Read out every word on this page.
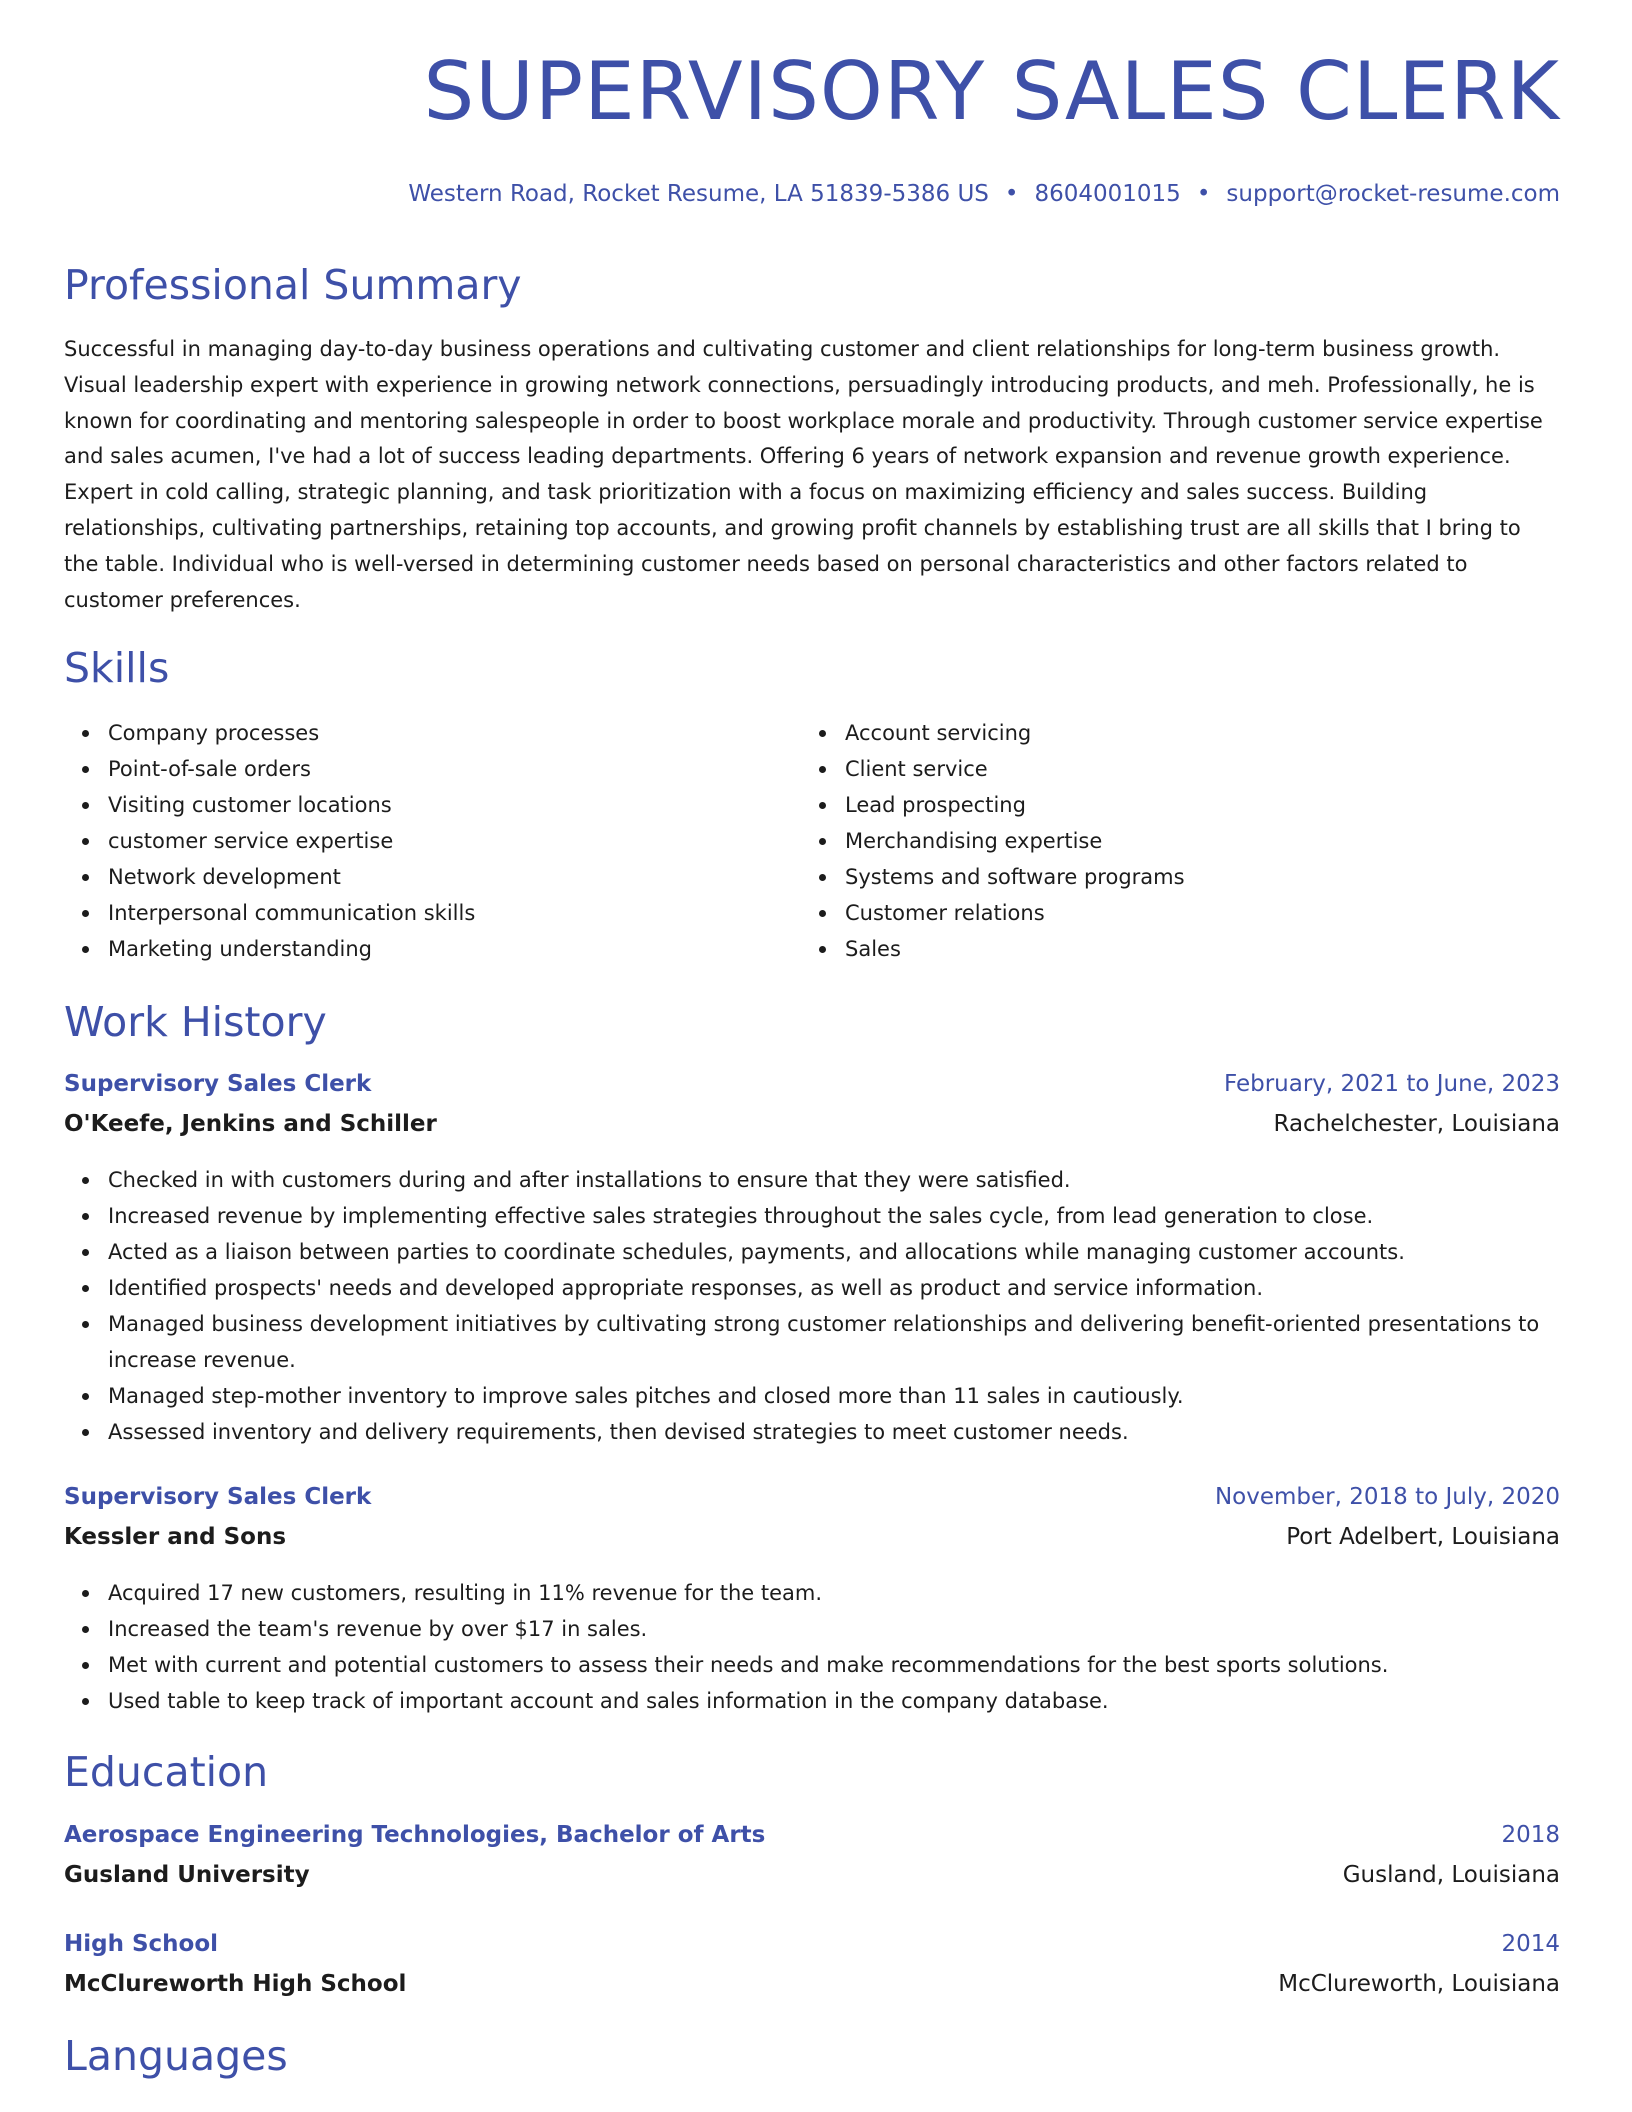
SUPERVISORY SALES CLERK
Western Road, Rocket Resume, LA 51839-5386 US • 8604001015 • support@rocket-resume.com
Professional Summary

Successful in managing day-to-day business operations and cultivating customer and client relationships for long-term business growth. Visual leadership expert with experience in growing network connections, persuadingly introducing products, and meh. Professionally, he is known for coordinating and mentoring salespeople in order to boost workplace morale and productivity. Through customer service expertise and sales acumen, I've had a lot of success leading departments. Offering 6 years of network expansion and revenue growth experience. Expert in cold calling, strategic planning, and task prioritization with a focus on maximizing efficiency and sales success. Building relationships, cultivating partnerships, retaining top accounts, and growing profit channels by establishing trust are all skills that I bring to the table. Individual who is well-versed in determining customer needs based on personal characteristics and other factors related to customer preferences.

Skills
Company processes
Point-of-sale orders
Visiting customer locations
customer service expertise
Network development
Interpersonal communication skills
Marketing understanding
Account servicing
Client service
Lead prospecting
Merchandising expertise
Systems and software programs
Customer relations
Sales
Work History
Supervisory Sales Clerk	February, 2021 to June, 2023
O'Keefe, Jenkins and Schiller	Rachelchester, Louisiana
Checked in with customers during and after installations to ensure that they were satisfied.
Increased revenue by implementing effective sales strategies throughout the sales cycle, from lead generation to close.
Acted as a liaison between parties to coordinate schedules, payments, and allocations while managing customer accounts.
Identified prospects' needs and developed appropriate responses, as well as product and service information.
Managed business development initiatives by cultivating strong customer relationships and delivering benefit-oriented presentations to increase revenue.
Managed step-mother inventory to improve sales pitches and closed more than 11 sales in cautiously.
Assessed inventory and delivery requirements, then devised strategies to meet customer needs.
Supervisory Sales Clerk	November, 2018 to July, 2020
Kessler and Sons	Port Adelbert, Louisiana
Acquired 17 new customers, resulting in 11% revenue for the team.
Increased the team's revenue by over $17 in sales.
Met with current and potential customers to assess their needs and make recommendations for the best sports solutions.
Used table to keep track of important account and sales information in the company database.
Education
Aerospace Engineering Technologies, Bachelor of Arts	2018
Gusland University	Gusland, Louisiana
High School	2014
McClureworth High School	McClureworth, Louisiana
Languages
